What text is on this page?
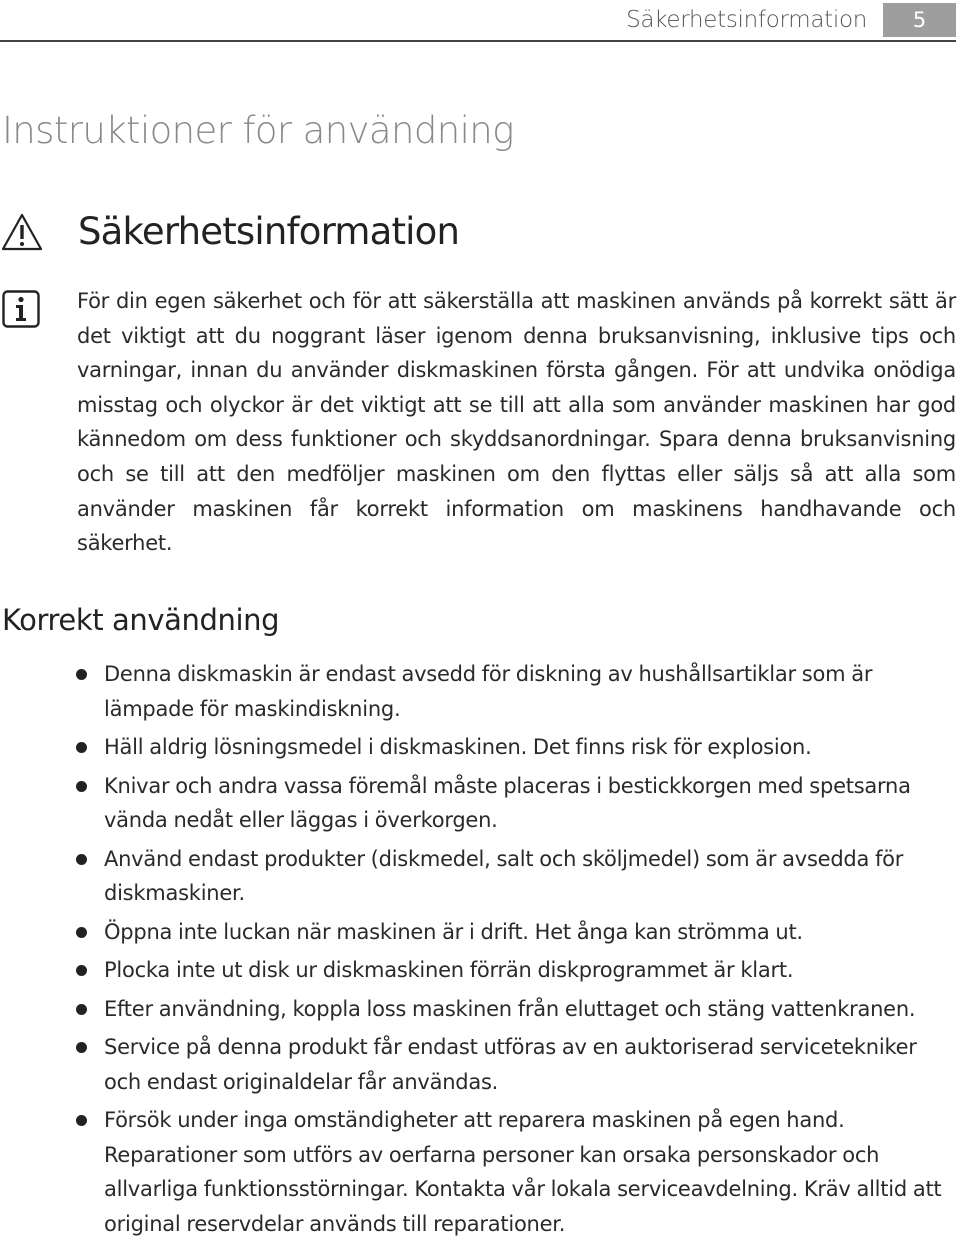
Säkerhetsinformation	5
Instruktioner för användning
Säkerhetsinformation

För din egen säkerhet och för att säkerställa att maskinen används på korrekt sätt är det viktigt att du noggrant läser igenom denna bruksanvisning, inklusive tips och varningar, innan du använder diskmaskinen första gången. För att undvika onödiga misstag och olyckor är det viktigt att se till att alla som använder maskinen har god kännedom om dess funktioner och skyddsanordningar. Spara denna bruksanvisning och se till att den medföljer maskinen om den flyttas eller säljs så att alla som använder maskinen får korrekt information om maskinens handhavande och säkerhet.

Korrekt användning
Denna diskmaskin är endast avsedd för diskning av hushållsartiklar som är lämpade för maskindiskning.
Häll aldrig lösningsmedel i diskmaskinen. Det finns risk för explosion.
Knivar och andra vassa föremål måste placeras i bestickkorgen med spetsarna vända nedåt eller läggas i överkorgen.
Använd endast produkter (diskmedel, salt och sköljmedel) som är avsedda för diskmaskiner.
Öppna inte luckan när maskinen är i drift. Het ånga kan strömma ut.
Plocka inte ut disk ur diskmaskinen förrän diskprogrammet är klart.
Efter användning, koppla loss maskinen från eluttaget och stäng vattenkranen.
Service på denna produkt får endast utföras av en auktoriserad servicetekniker och endast originaldelar får användas.
Försök under inga omständigheter att reparera maskinen på egen hand. Reparationer som utförs av oerfarna personer kan orsaka personskador och allvarliga funktionsstörningar. Kontakta vår lokala serviceavdelning. Kräv alltid att original reservdelar används till reparationer.
